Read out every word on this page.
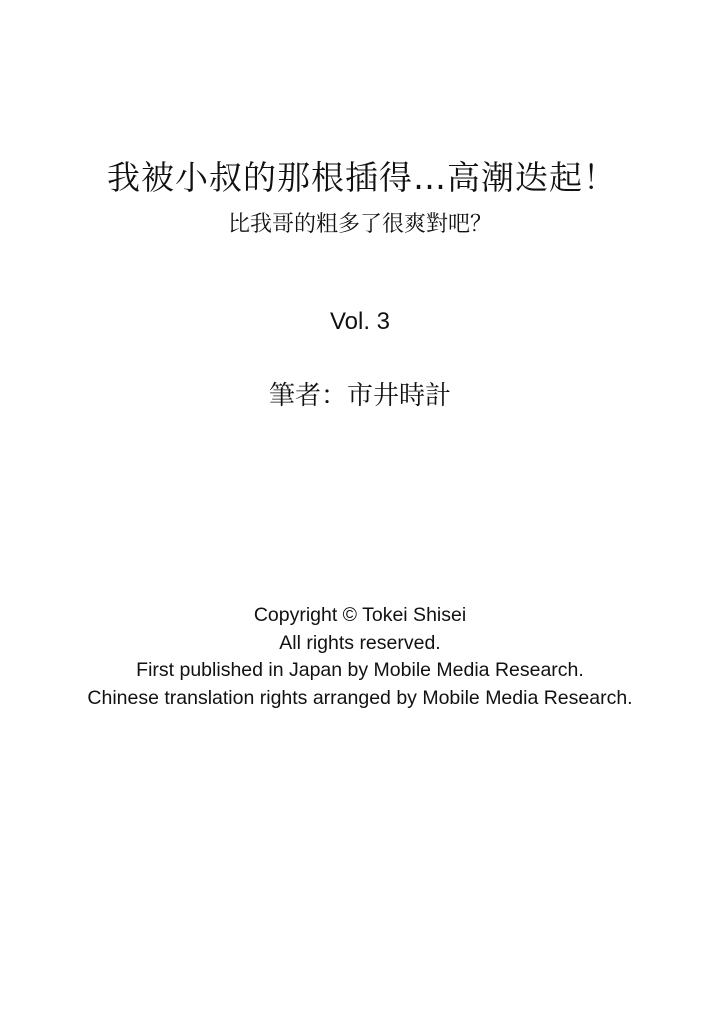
我被小叔的那根插得…高潮迭起！
比我哥的粗多了很爽對吧？
Vol. 3
筆者：市井時計
Copyright © Tokei Shisei
All rights reserved.
First published in Japan by Mobile Media Research.
Chinese translation rights arranged by Mobile Media Research.
